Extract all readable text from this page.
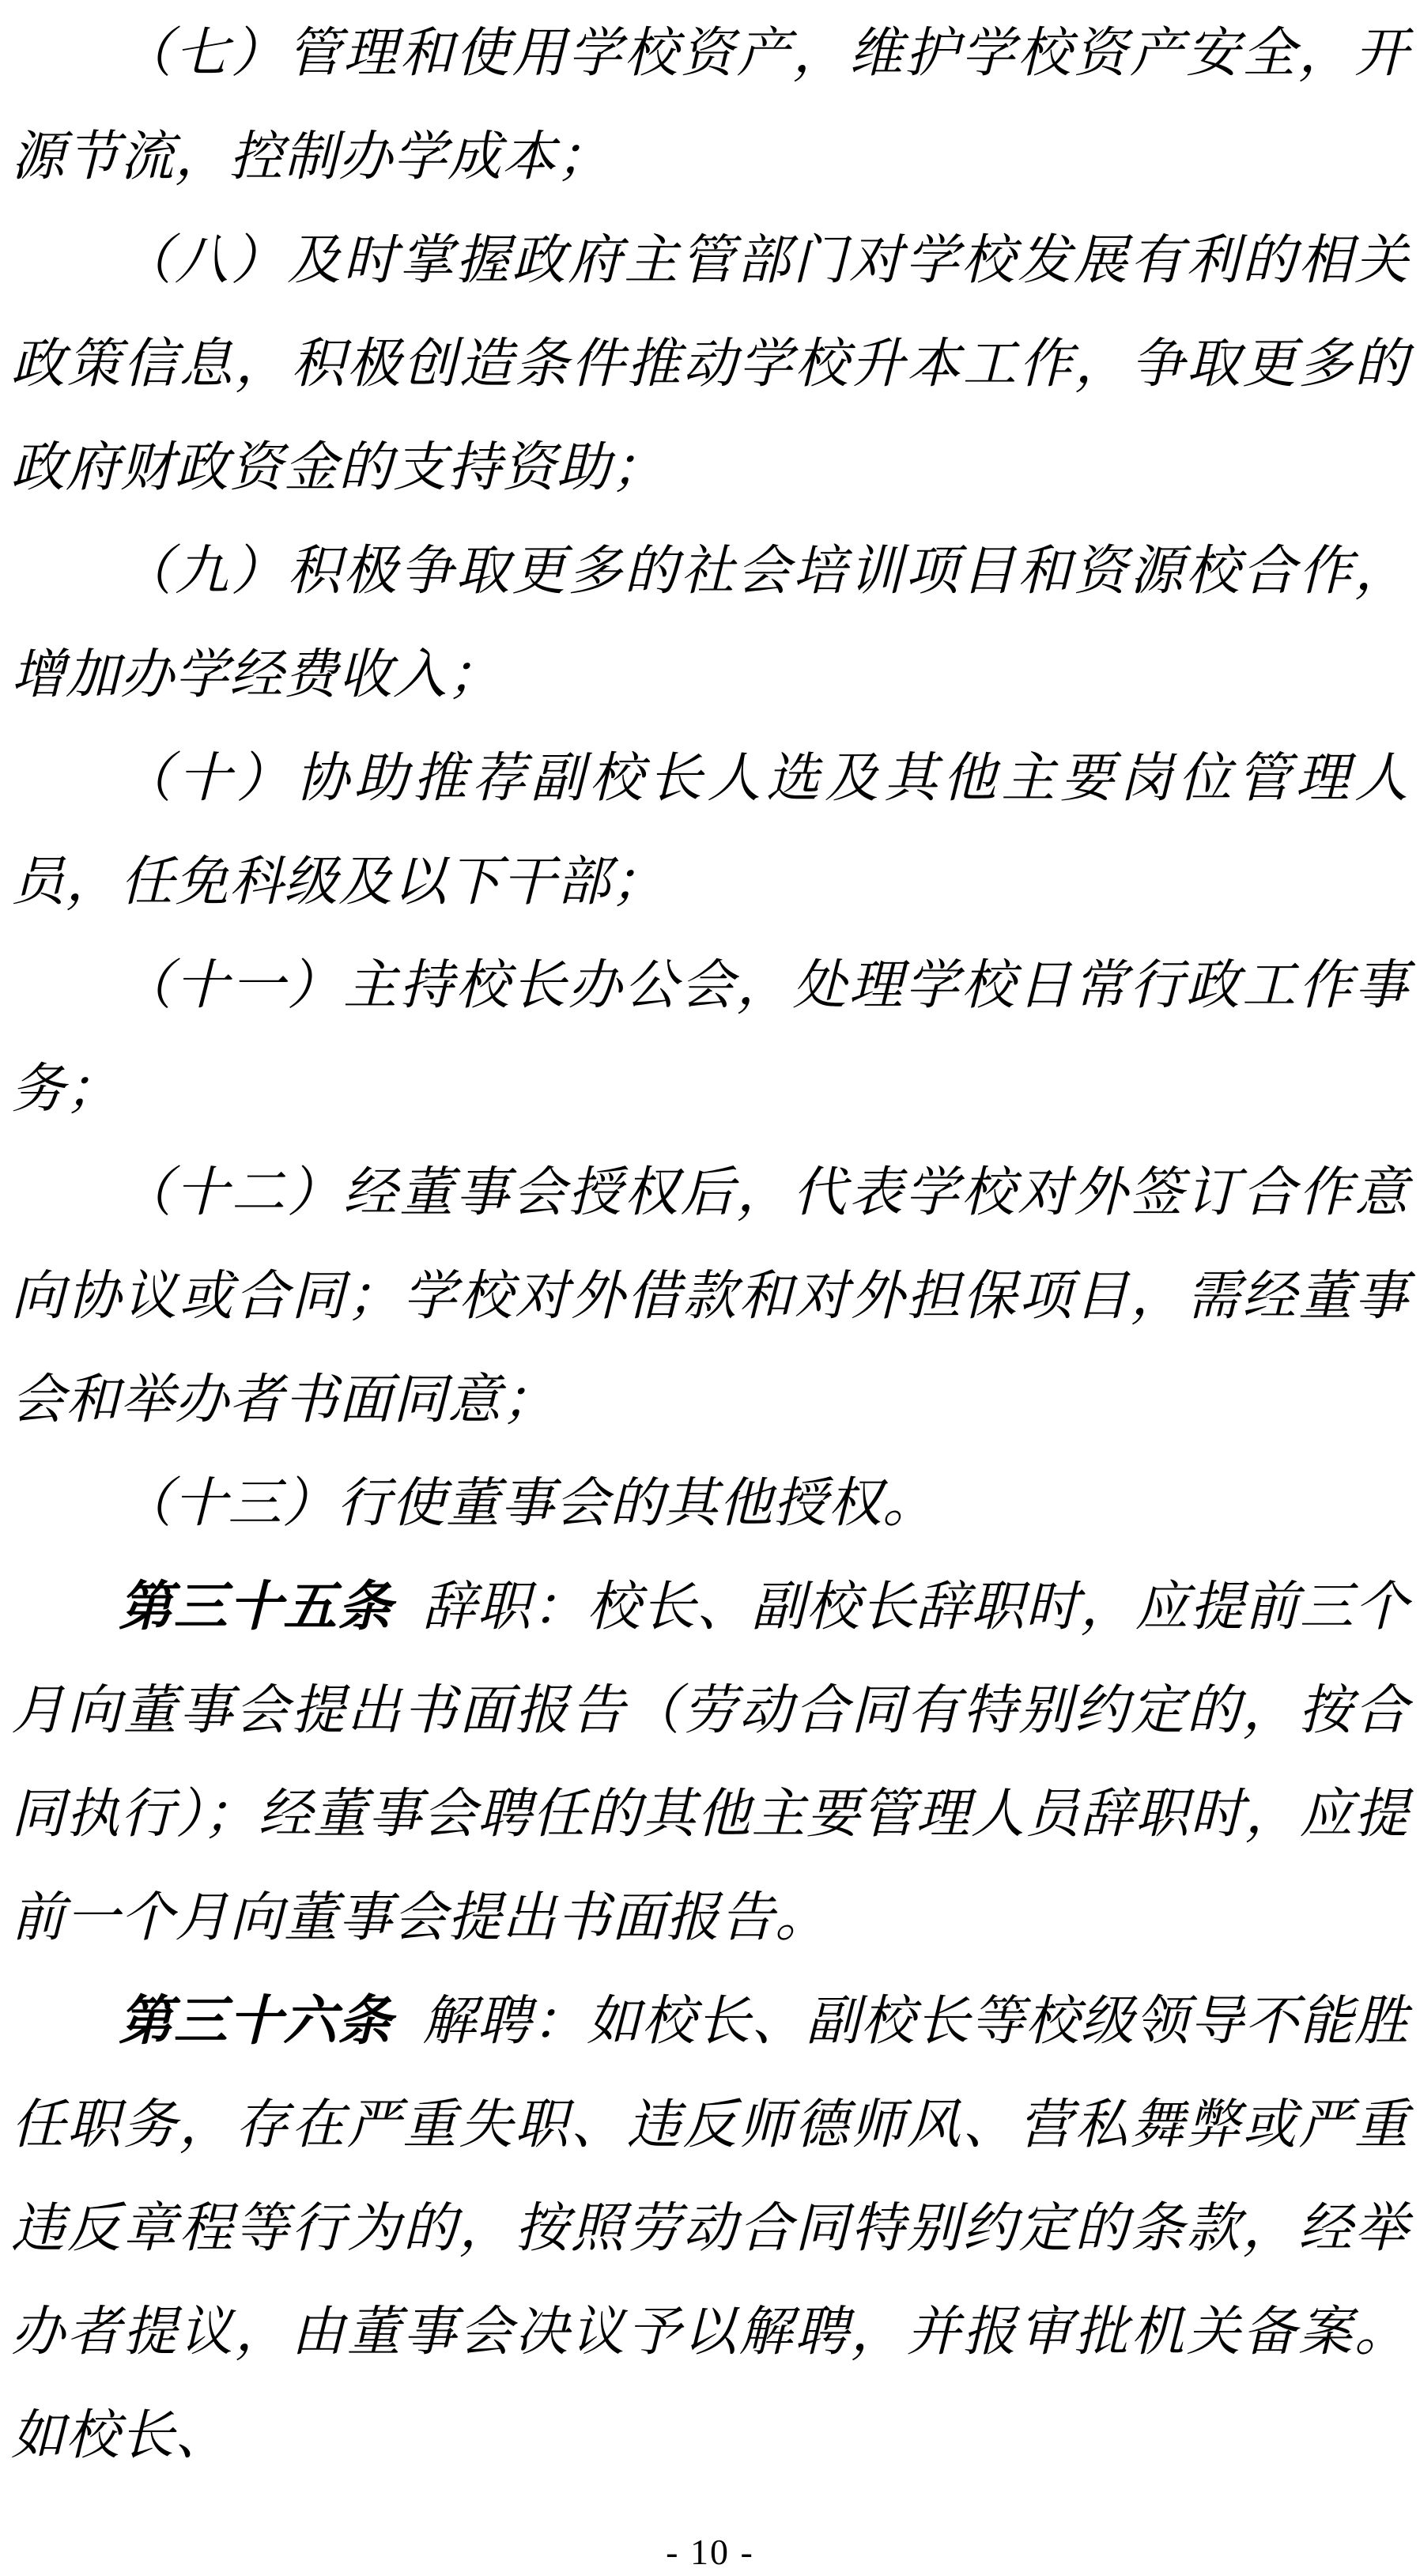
（七）管理和使用学校资产，维护学校资产安全，开源节流，控制办学成本；

（八）及时掌握政府主管部门对学校发展有利的相关政策信息，积极创造条件推动学校升本工作，争取更多的政府财政资金的支持资助；

（九）积极争取更多的社会培训项目和资源校合作，增加办学经费收入；

（十）协助推荐副校长人选及其他主要岗位管理人员，任免科级及以下干部；

（十一）主持校长办公会，处理学校日常行政工作事务；

（十二）经董事会授权后，代表学校对外签订合作意向协议或合同；学校对外借款和对外担保项目，需经董事会和举办者书面同意；

（十三）行使董事会的其他授权。

第三十五条 辞职：校长、副校长辞职时，应提前三个月向董事会提出书面报告（劳动合同有特别约定的，按合同执行）；经董事会聘任的其他主要管理人员辞职时，应提前一个月向董事会提出书面报告。

第三十六条 解聘：如校长、副校长等校级领导不能胜任职务，存在严重失职、违反师德师风、营私舞弊或严重违反章程等行为的，按照劳动合同特别约定的条款，经举办者提议，由董事会决议予以解聘，并报审批机关备案。如校长、

- 10 -
